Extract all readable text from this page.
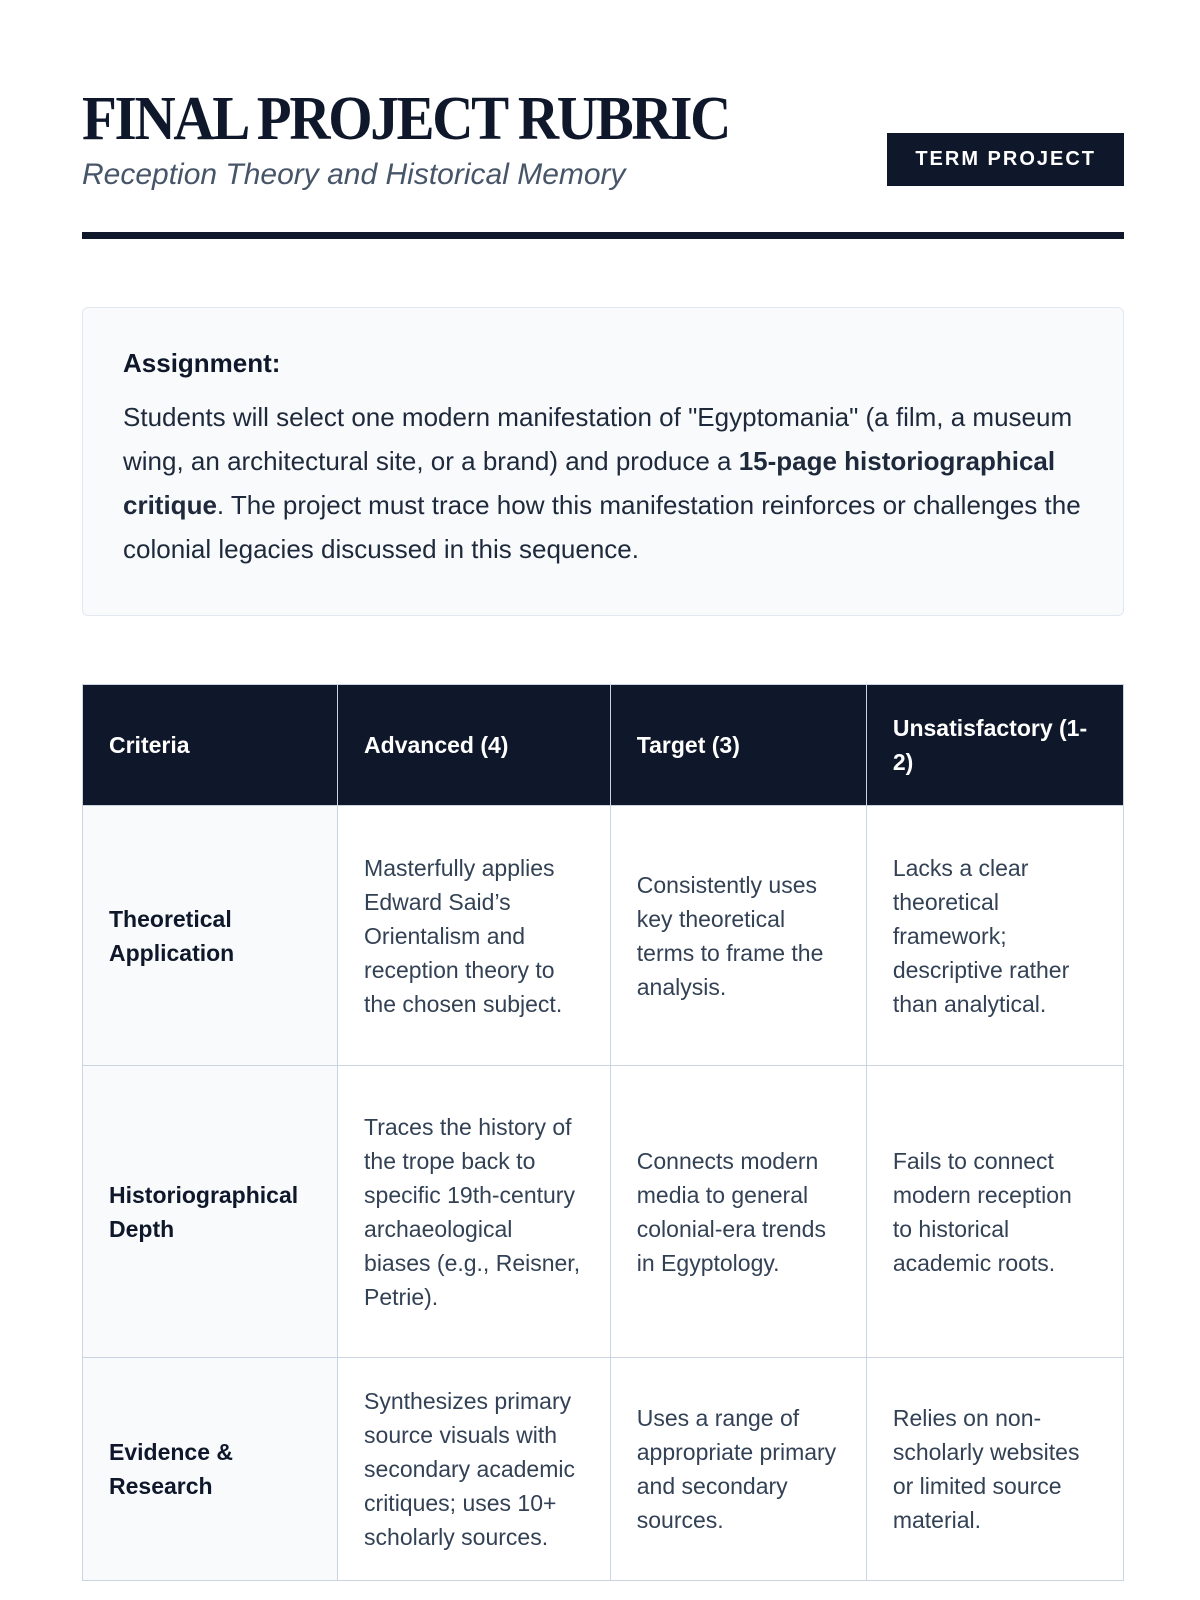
FINAL PROJECT RUBRIC
Reception Theory and Historical Memory	TERM PROJECT
Assignment:

Students will select one modern manifestation of "Egyptomania" (a film, a museum wing, an architectural site, or a brand) and produce a 15-page historiographical critique. The project must trace how this manifestation reinforces or challenges the colonial legacies discussed in this sequence.

Criteria	Advanced (4)	Target (3)	Unsatisfactory (1-2)
Theoretical Application	Masterfully applies Edward Said’s Orientalism and reception theory to the chosen subject.	Consistently uses key theoretical terms to frame the analysis.	Lacks a clear theoretical framework; descriptive rather than analytical.
Historiographical Depth	Traces the history of the trope back to specific 19th-century archaeological biases (e.g., Reisner, Petrie).	Connects modern media to general colonial-era trends in Egyptology.	Fails to connect modern reception to historical academic roots.
Evidence & Research	Synthesizes primary source visuals with secondary academic critiques; uses 10+ scholarly sources.	Uses a range of appropriate primary and secondary sources.	Relies on non-scholarly websites or limited source material.
